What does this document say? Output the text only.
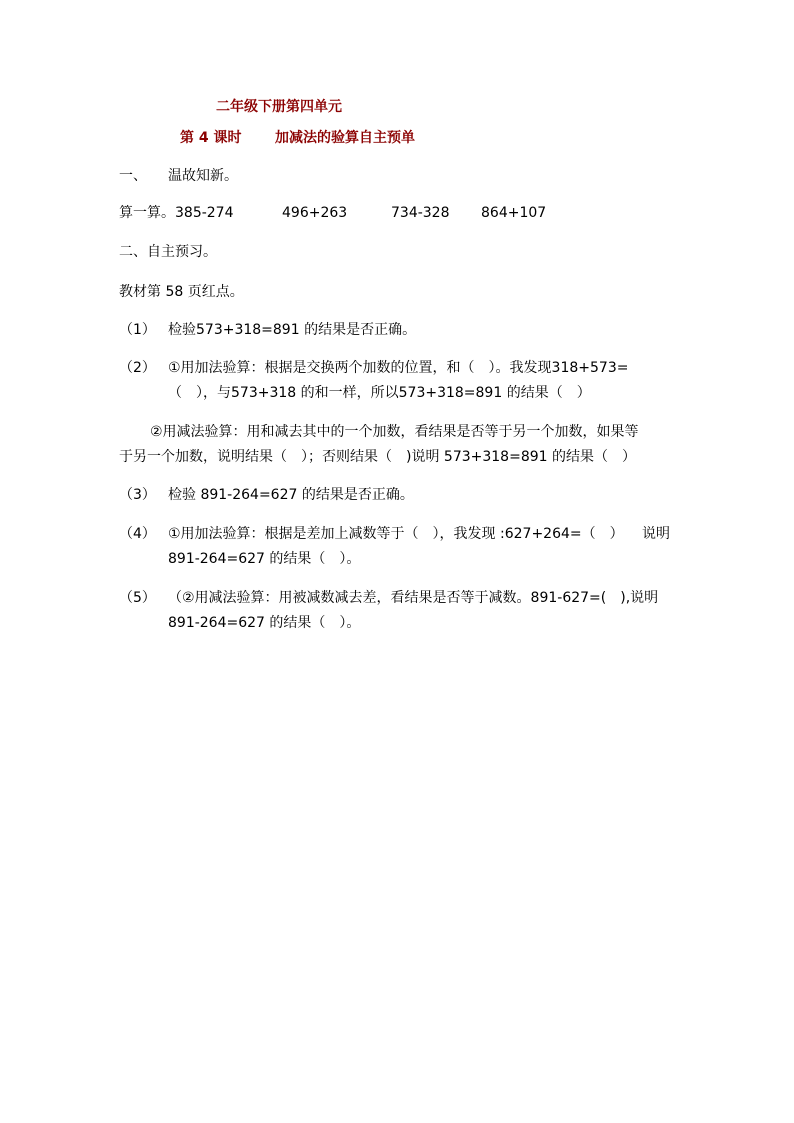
二年级下册第四单元
第 4 课时 加减法的验算自主预单
一、 温故知新。
算一算。385-274	496+263	734-328 864+107
二、自主预习。
教材第 58 页红点。
（1） 检验573+318=891 的结果是否正确。
（2） ①用加法验算：根据是交换两个加数的位置，和（　）。我发现318+573=
（　），与573+318 的和一样，所以573+318=891 的结果（　）
②用减法验算：用和减去其中的一个加数，看结果是否等于另一个加数，如果等
于另一个加数，说明结果（　）；否则结果（　)说明 573+318=891 的结果（　）
（3） 检验 891-264=627 的结果是否正确。
（4） ①用加法验算：根据是差加上减数等于（　），我发现 :627+264=（　） 说明
891-264=627 的结果（　）。
（5） （②用减法验算：用被减数减去差，看结果是否等于减数。891-627=(　),说明
891-264=627 的结果（　）。
